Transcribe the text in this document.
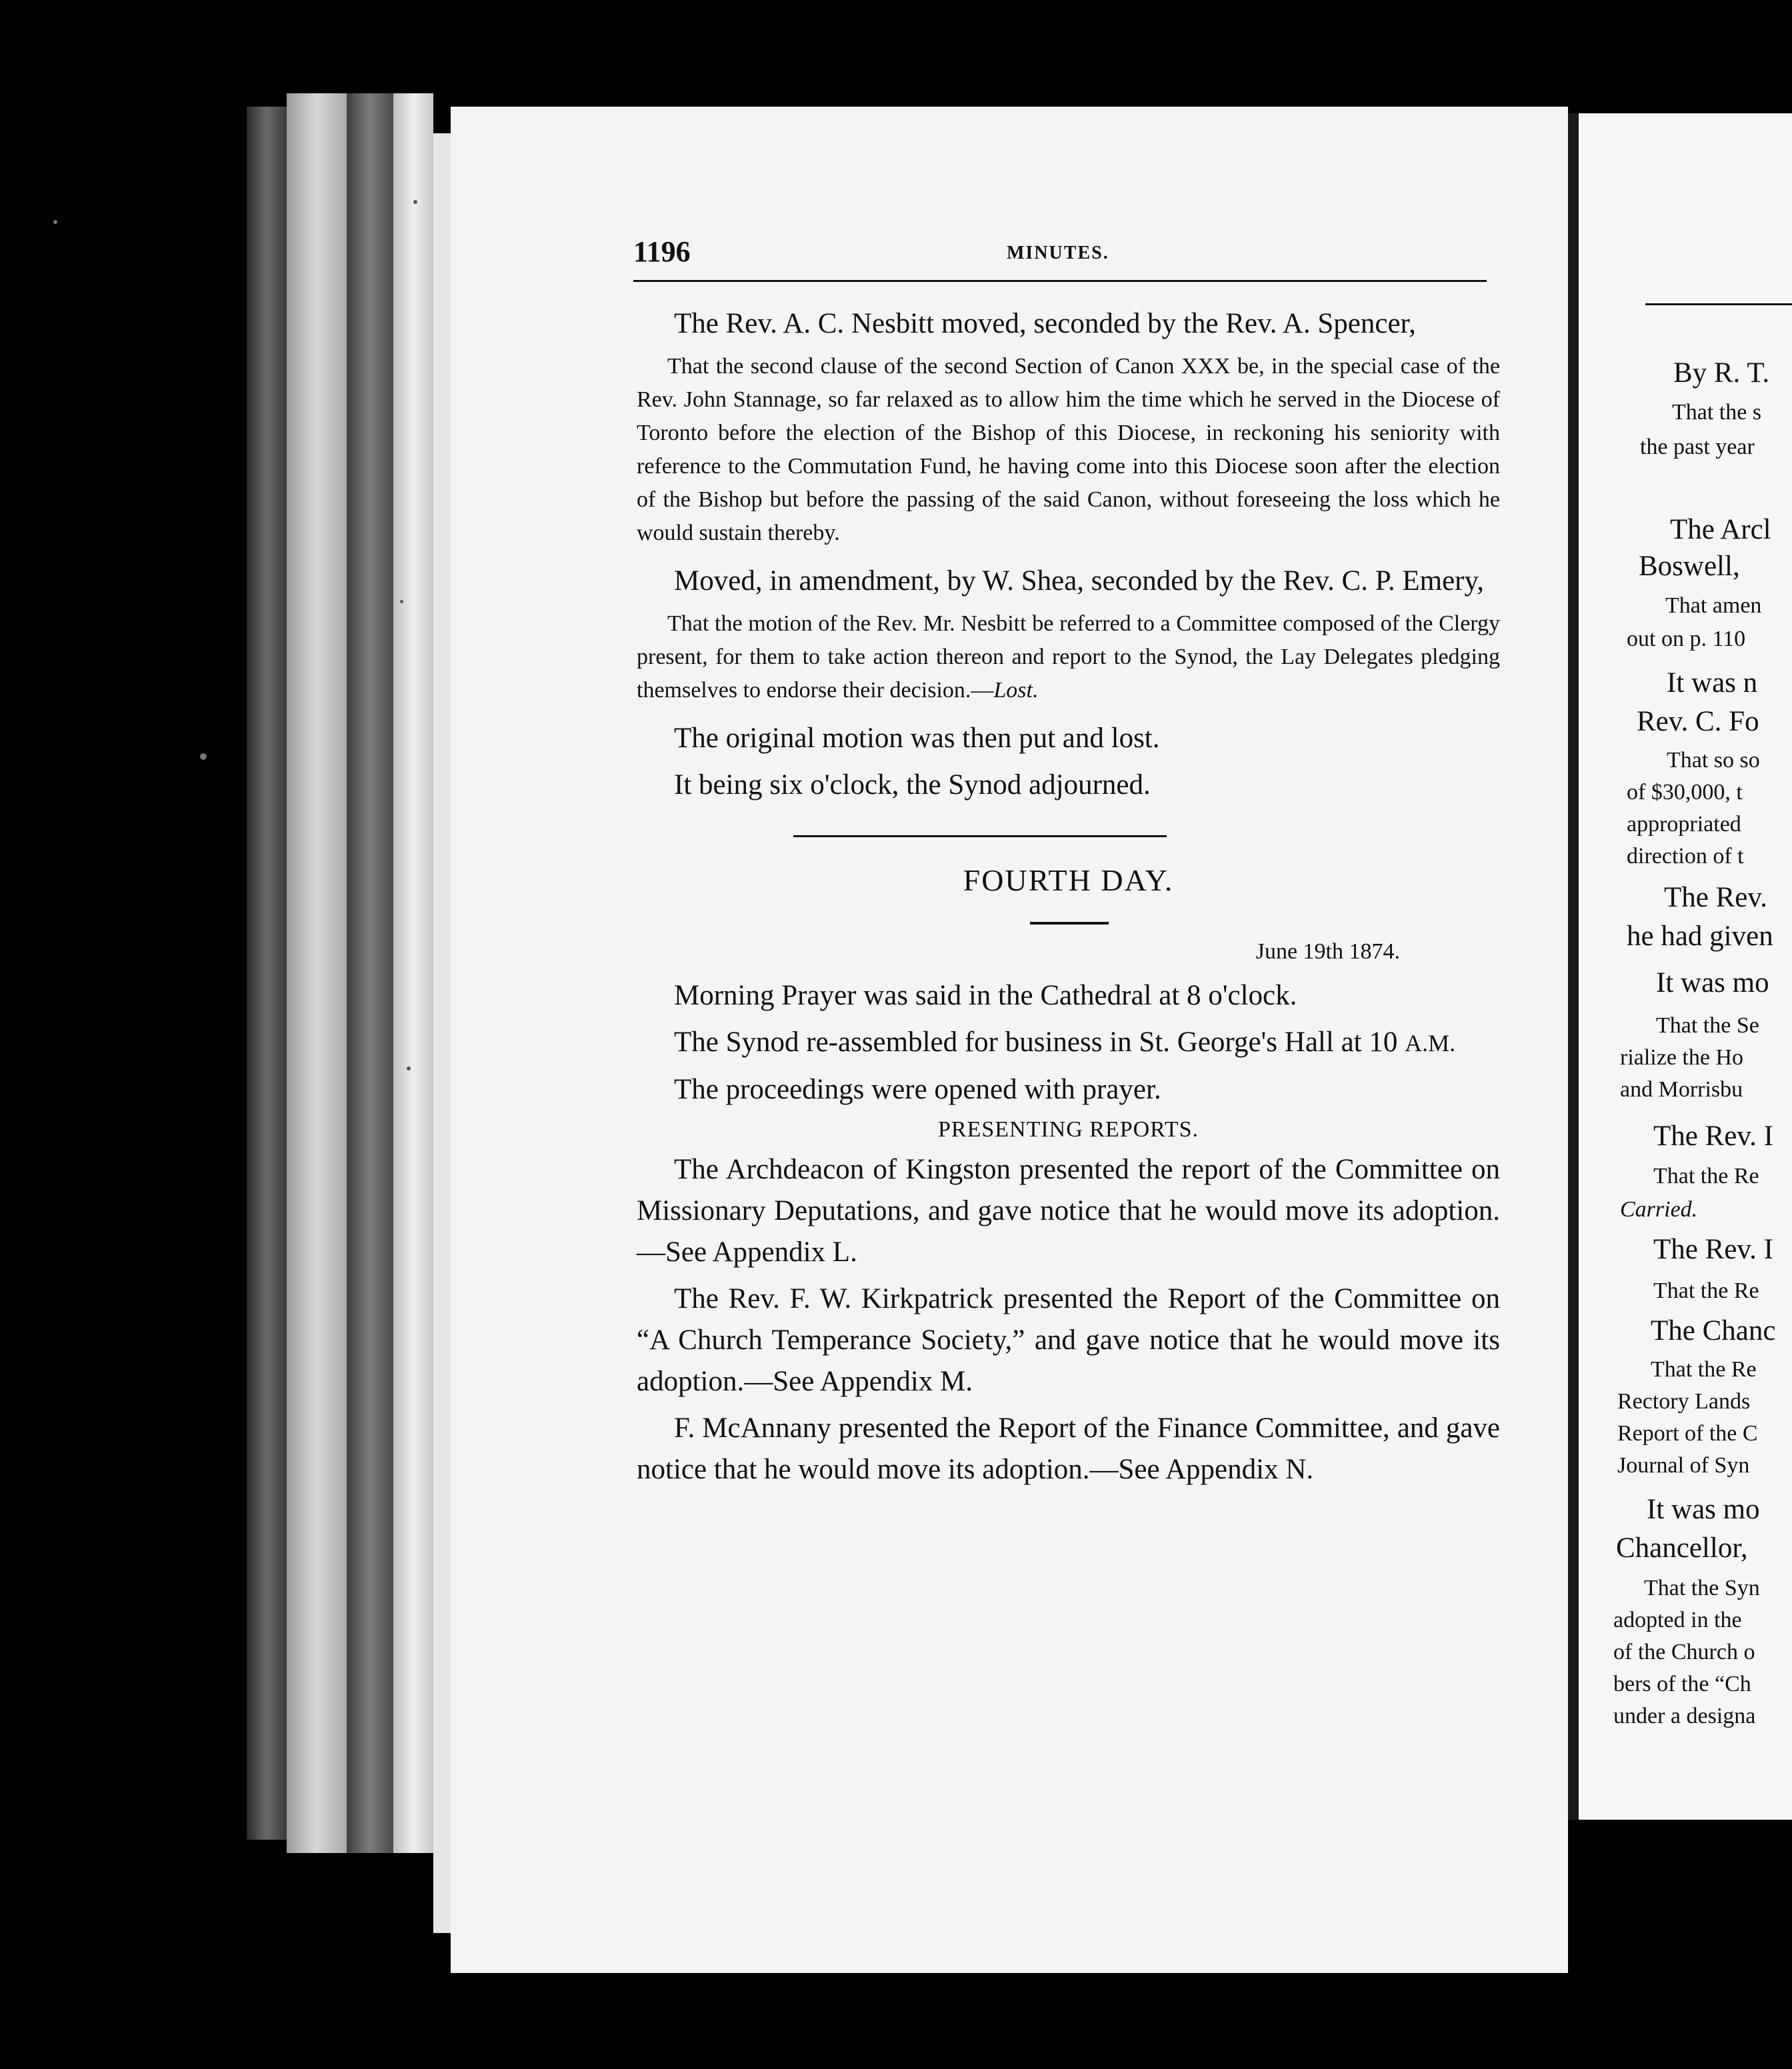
1196	MINUTES.

The Rev. A. C. Nesbitt moved, seconded by the Rev. A. Spencer,

That the second clause of the second Section of Canon XXX be, in the special case of the Rev. John Stannage, so far relaxed as to allow him the time which he served in the Diocese of Toronto before the election of the Bishop of this Diocese, in reckoning his seniority with reference to the Commutation Fund, he having come into this Diocese soon after the election of the Bishop but before the passing of the said Canon, without foreseeing the loss which he would sustain thereby.

Moved, in amendment, by W. Shea, seconded by the Rev. C. P. Emery,

That the motion of the Rev. Mr. Nesbitt be referred to a Committee composed of the Clergy present, for them to take action thereon and report to the Synod, the Lay Delegates pledging themselves to endorse their decision.—Lost.

The original motion was then put and lost.

It being six o'clock, the Synod adjourned.

FOURTH DAY.
June 19th 1874.

Morning Prayer was said in the Cathedral at 8 o'clock.

The Synod re-assembled for business in St. George's Hall at 10 A.M.

The proceedings were opened with prayer.

PRESENTING REPORTS.

The Archdeacon of Kingston presented the report of the Committee on Missionary Deputations, and gave notice that he would move its adoption.—See Appendix L.

The Rev. F. W. Kirkpatrick presented the Report of the Committee on “A Church Temperance Society,” and gave notice that he would move its adoption.—See Appendix M.

F. McAnnany presented the Report of the Finance Committee, and gave notice that he would move its adoption.—See Appendix N.

By R. T.
That the s
the past year
The Arcl
Boswell,
That amen
out on p. 110
It was n
Rev. C. Fo
That so so
of $30,000, t
appropriated
direction of t
The Rev.
he had given
It was mo
That the Se
rialize the Ho
and Morrisbu
The Rev. I
That the Re
Carried.
The Rev. I
That the Re
The Chanc
That the Re
Rectory Lands
Report of the C
Journal of Syn
It was mo
Chancellor,
That the Syn
adopted in the
of the Church o
bers of the “Ch
under a designa
